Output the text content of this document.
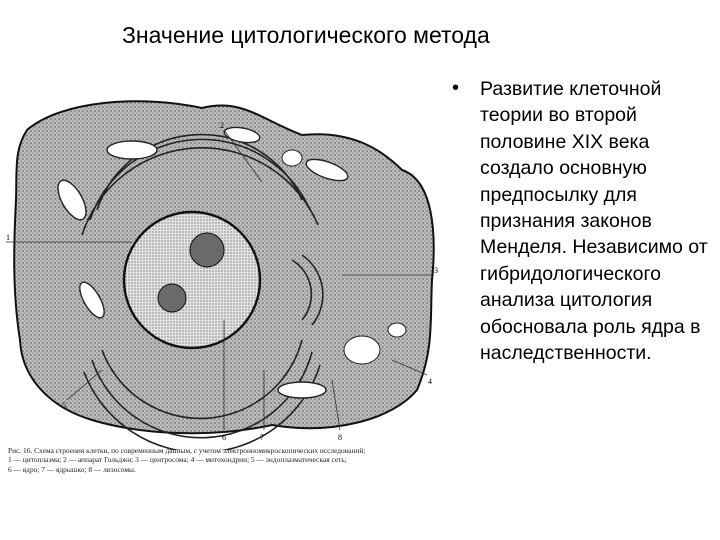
Значение цитологического метода
1
2
3
4
5
6	7	8
Рис. 16. Схема строения клетки, по современным данным, с учетом электронномикроскопических исследований;
1 — цитоплазма; 2 — аппарат Гольджи; 3 — центросома; 4 — митохондрии; 5 — эндоплазматическая сеть;
6 — ядро; 7 — ядрышко; 8 — лизосомы.
• Развитие клеточной теории во второй половине XIX века создало основную предпосылку для признания законов Менделя. Независимо от гибридологического анализа цитология обосновала роль ядра в наследственности.
